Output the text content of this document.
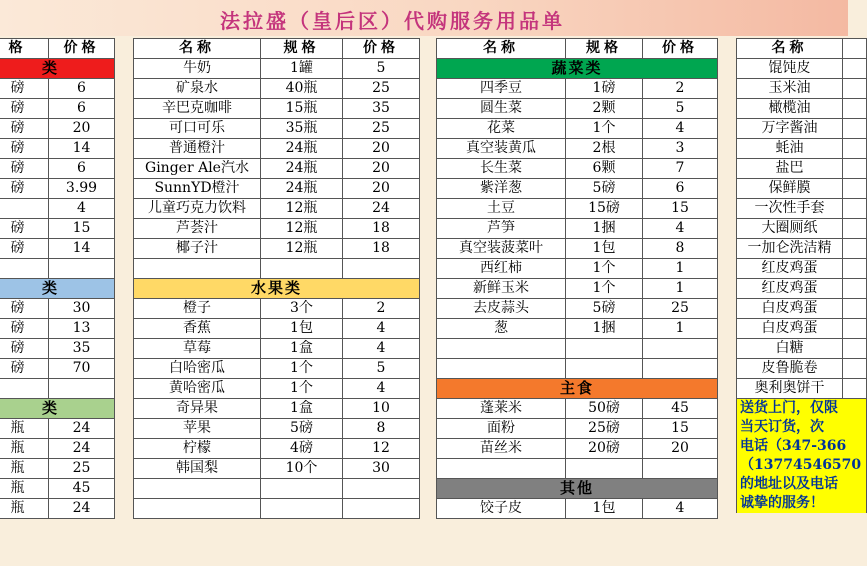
法拉盛（皇后区）代购服务用品单
格	价格
类	
磅	6
磅	6
磅	20
磅	14
磅	6
磅	3.99
	4
磅	15
磅	14

类	
磅	30
磅	13
磅	35
磅	70

类	
瓶	24
瓶	24
瓶	25
瓶	45
瓶	24
名称	规格	价格
牛奶	1罐	5
矿泉水	40瓶	25
辛巴克咖啡	15瓶	35
可口可乐	35瓶	25
普通橙汁	24瓶	20
Ginger Ale汽水	24瓶	20
SunnYD橙汁	24瓶	20
儿童巧克力饮料	12瓶	24
芦荟汁	12瓶	18
椰子汁	12瓶	18

水果类		
橙子	3个	2
香蕉	1包	4
草莓	1盒	4
白哈密瓜	1个	5
黄哈密瓜	1个	4
奇异果	1盒	10
苹果	5磅	8
柠檬	4磅	12
韩国梨	10个	30

名称	规格	价格
蔬菜类		
四季豆	1磅	2
圆生菜	2颗	5
花菜	1个	4
真空装黄瓜	2根	3
长生菜	6颗	7
紫洋葱	5磅	6
土豆	15磅	15
芦笋	1捆	4
真空装菠菜叶	1包	8
西红柿	1个	1
新鲜玉米	1个	1
去皮蒜头	5磅	25
葱	1捆	1

主食		
蓬莱米	50磅	45
面粉	25磅	15
苗丝米	20磅	20

其他		
饺子皮	1包	4
名称	
馄饨皮	
玉米油	
橄榄油	
万字酱油	
蚝油	
盐巴	
保鲜膜	
一次性手套	
大圈厕纸	
一加仑洗洁精	
红皮鸡蛋	
红皮鸡蛋	
白皮鸡蛋	
白皮鸡蛋	
白糖	
皮鲁脆卷	
奥利奥饼干	
送货上门，仅限	
当天订货，次	
电话（347-366	
（13774546570	
的地址以及电话	
诚挚的服务！	
